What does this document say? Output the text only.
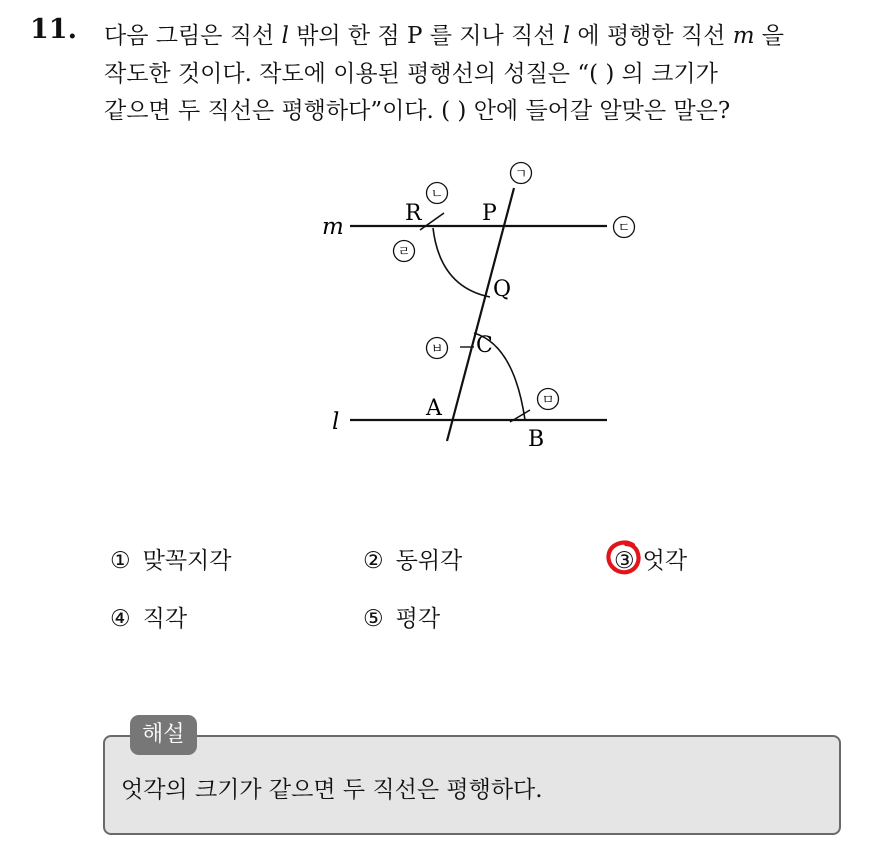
11. 다음 그림은 직선 l 밖의 한 점 P 를 지나 직선 l 에 평행한 직선 m 을
작도한 것이다. 작도에 이용된 평행선의 성질은 “( ) 의 크기가
같으면 두 직선은 평행하다”이다. ( ) 안에 들어갈 알맞은 말은?
m
l
R	P
Q
C
A
B
ㄱ
ㄴ
ㄷ
ㄹ
ㅁ
ㅂ
① 맞꼭지각	② 동위각	③ 엇각
④ 직각	⑤ 평각
해설
엇각의 크기가 같으면 두 직선은 평행하다.
